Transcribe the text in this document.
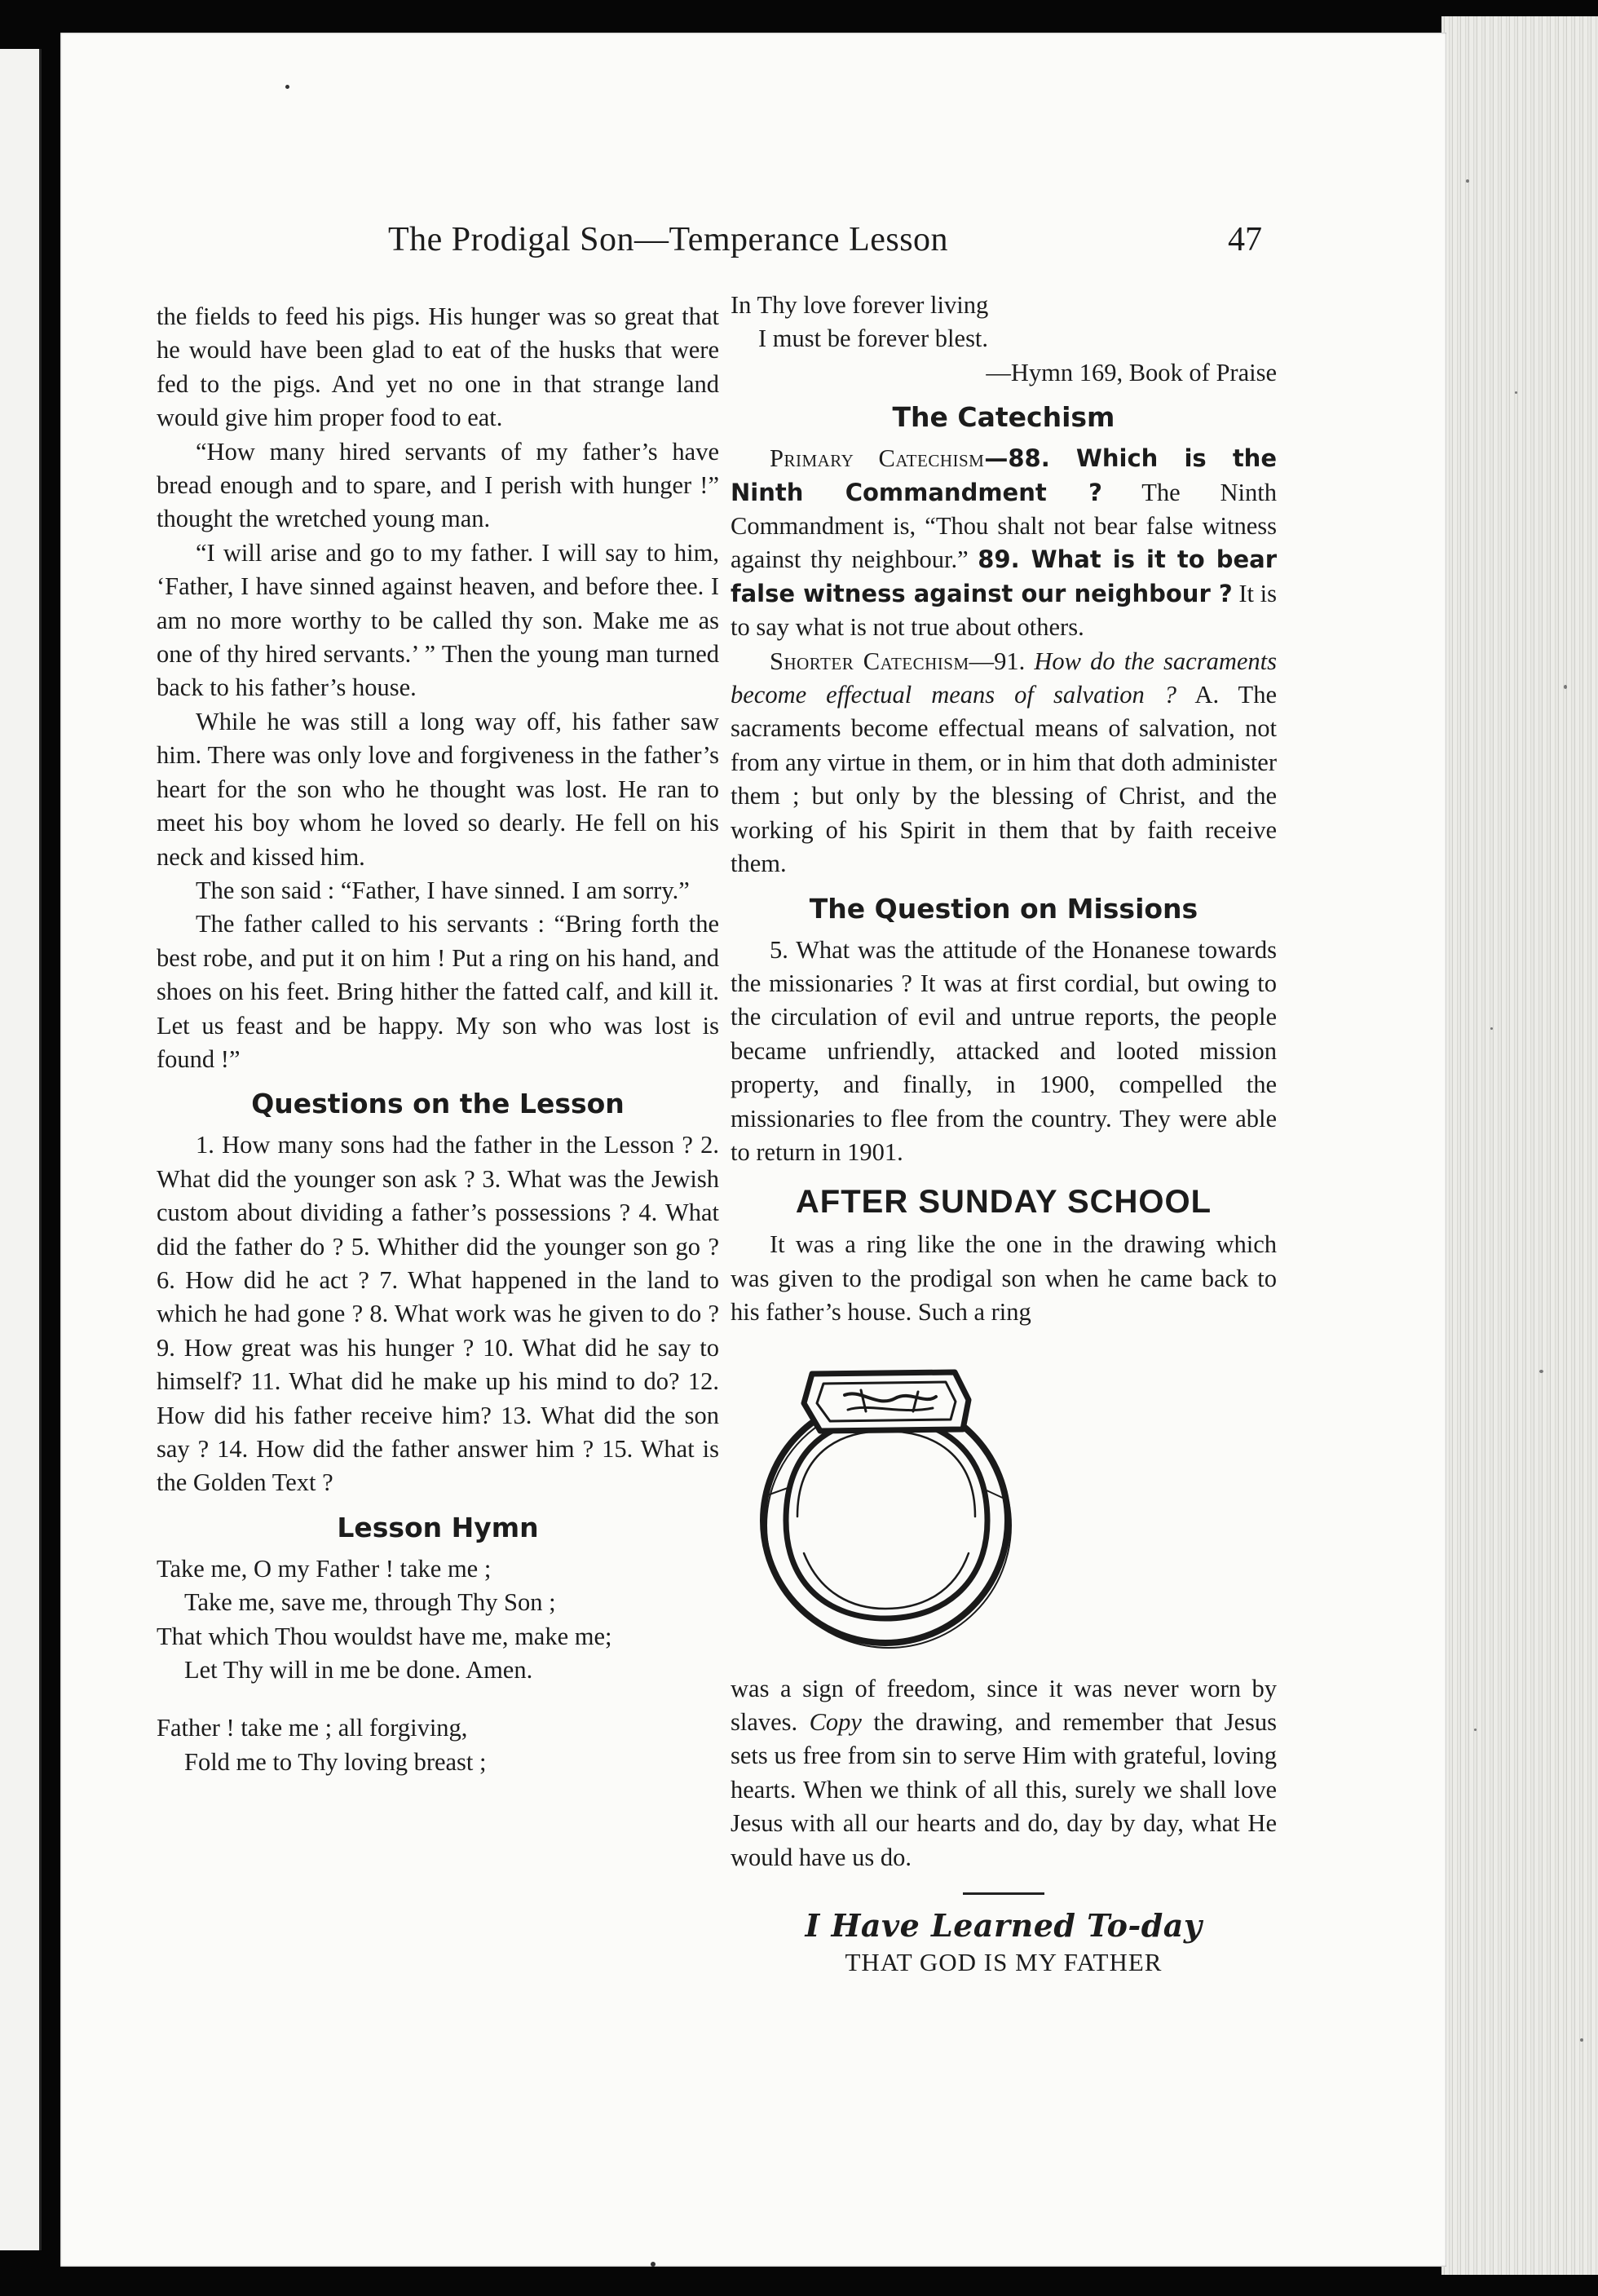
The Prodigal Son—Temperance Lesson	47

the fields to feed his pigs. His hunger was so great that he would have been glad to eat of the husks that were fed to the pigs. And yet no one in that strange land would give him proper food to eat.

“How many hired servants of my father’s have bread enough and to spare, and I perish with hunger !” thought the wretched young man.

“I will arise and go to my father. I will say to him, ‘Father, I have sinned against heaven, and before thee. I am no more worthy to be called thy son. Make me as one of thy hired servants.’ ” Then the young man turned back to his father’s house.

While he was still a long way off, his father saw him. There was only love and forgiveness in the father’s heart for the son who he thought was lost. He ran to meet his boy whom he loved so dearly. He fell on his neck and kissed him.

The son said : “Father, I have sinned. I am sorry.”

The father called to his servants : “Bring forth the best robe, and put it on him ! Put a ring on his hand, and shoes on his feet. Bring hither the fatted calf, and kill it. Let us feast and be happy. My son who was lost is found !”

Questions on the Lesson
1. How many sons had the father in the Lesson ? 2. What did the younger son ask ? 3. What was the Jewish custom about dividing a father’s possessions ? 4. What did the father do ? 5. Whither did the younger son go ? 6. How did he act ? 7. What happened in the land to which he had gone ? 8. What work was he given to do ? 9. How great was his hunger ? 10. What did he say to himself? 11. What did he make up his mind to do? 12. How did his father receive him? 13. What did the son say ? 14. How did the father answer him ? 15. What is the Golden Text ?
Lesson Hymn
Take me, O my Father ! take me ;
Take me, save me, through Thy Son ;
That which Thou wouldst have me, make me;
Let Thy will in me be done. Amen.
Father ! take me ; all forgiving,
Fold me to Thy loving breast ;
In Thy love forever living
I must be forever blest.
—Hymn 169, Book of Praise
The Catechism

Primary Catechism—88. Which is the Ninth Commandment ? The Ninth Commandment is, “Thou shalt not bear false witness against thy neighbour.” 89. What is it to bear false witness against our neighbour ? It is to say what is not true about others.

Shorter Catechism—91. How do the sacraments become effectual means of salvation ? A. The sacraments become effectual means of salvation, not from any virtue in them, or in him that doth administer them ; but only by the blessing of Christ, and the working of his Spirit in them that by faith receive them.

The Question on Missions

5. What was the attitude of the Honanese towards the missionaries ? It was at first cordial, but owing to the circulation of evil and untrue reports, the people became unfriendly, attacked and looted mission property, and finally, in 1900, compelled the missionaries to flee from the country. They were able to return in 1901.

AFTER SUNDAY SCHOOL

It was a ring like the one in the drawing which was given to the prodigal son when he came back to his father’s house. Such a ring

was a sign of freedom, since it was never worn by slaves. Copy the drawing, and remember that Jesus sets us free from sin to serve Him with grateful, loving hearts. When we think of all this, surely we shall love Jesus with all our hearts and do, day by day, what He would have us do.

I Have Learned To-day
THAT GOD IS MY FATHER
